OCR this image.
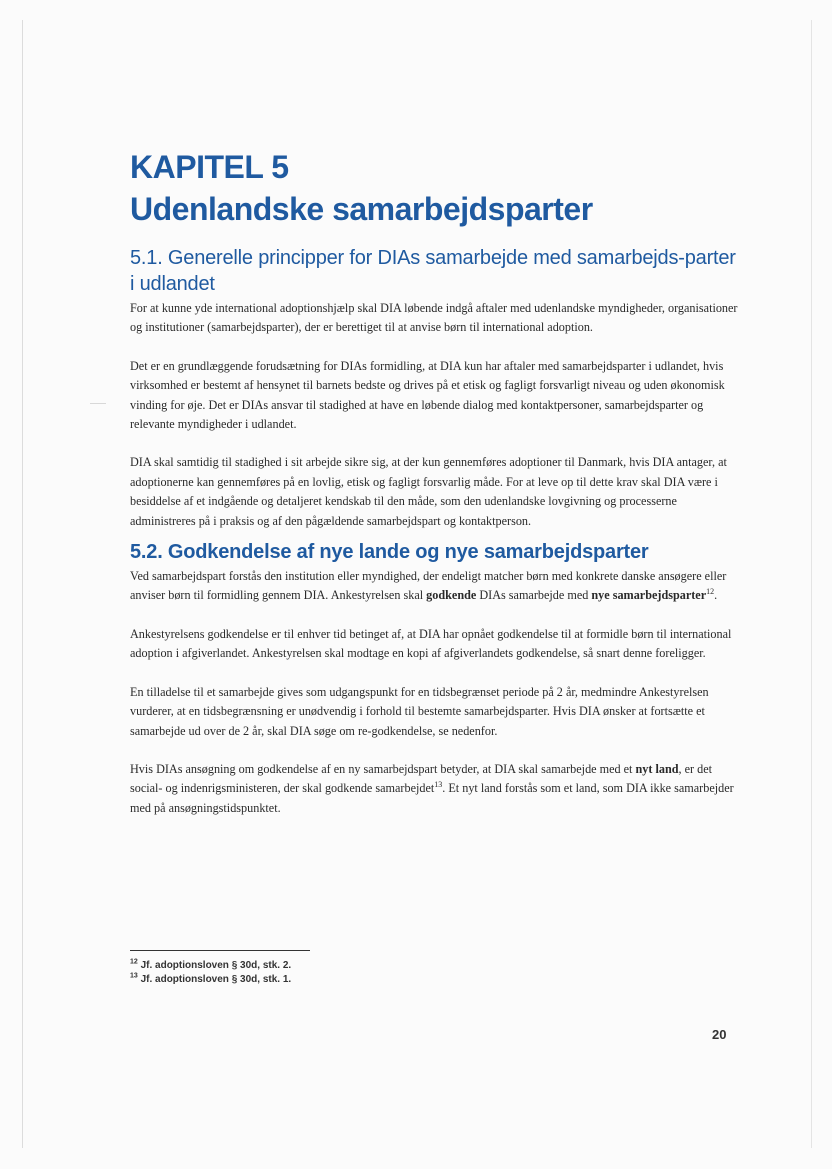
KAPITEL 5
Udenlandske samarbejdsparter
5.1. Generelle principper for DIAs samarbejde med samarbejds-parter i udlandet

For at kunne yde international adoptionshjælp skal DIA løbende indgå aftaler med udenlandske myndigheder, organisationer og institutioner (samarbejdsparter), der er berettiget til at anvise børn til international adoption.

Det er en grundlæggende forudsætning for DIAs formidling, at DIA kun har aftaler med samarbejdsparter i udlandet, hvis virksomhed er bestemt af hensynet til barnets bedste og drives på et etisk og fagligt forsvarligt niveau og uden økonomisk vinding for øje. Det er DIAs ansvar til stadighed at have en løbende dialog med kontaktpersoner, samarbejdsparter og relevante myndigheder i udlandet.

DIA skal samtidig til stadighed i sit arbejde sikre sig, at der kun gennemføres adoptioner til Danmark, hvis DIA antager, at adoptionerne kan gennemføres på en lovlig, etisk og fagligt forsvarlig måde. For at leve op til dette krav skal DIA være i besiddelse af et indgående og detaljeret kendskab til den måde, som den udenlandske lovgivning og processerne administreres på i praksis og af den pågældende samarbejdspart og kontaktperson.

5.2. Godkendelse af nye lande og nye samarbejdsparter

Ved samarbejdspart forstås den institution eller myndighed, der endeligt matcher børn med konkrete danske ansøgere eller anviser børn til formidling gennem DIA. Ankestyrelsen skal godkende DIAs samarbejde med nye samarbejdsparter$^{12}$.

Ankestyrelsens godkendelse er til enhver tid betinget af, at DIA har opnået godkendelse til at formidle børn til international adoption i afgiverlandet. Ankestyrelsen skal modtage en kopi af afgiverlandets godkendelse, så snart denne foreligger.

En tilladelse til et samarbejde gives som udgangspunkt for en tidsbegrænset periode på 2 år, medmindre Ankestyrelsen vurderer, at en tidsbegrænsning er unødvendig i forhold til bestemte samarbejdsparter. Hvis DIA ønsker at fortsætte et samarbejde ud over de 2 år, skal DIA søge om re-godkendelse, se nedenfor.

Hvis DIAs ansøgning om godkendelse af en ny samarbejdspart betyder, at DIA skal samarbejde med et nyt land, er det social- og indenrigsministeren, der skal godkende samarbejdet$^{13}$. Et nyt land forstås som et land, som DIA ikke samarbejder med på ansøgningstidspunktet.

$^{12}$ Jf. adoptionsloven § 30d, stk. 2.
$^{13}$ Jf. adoptionsloven § 30d, stk. 1.
20
